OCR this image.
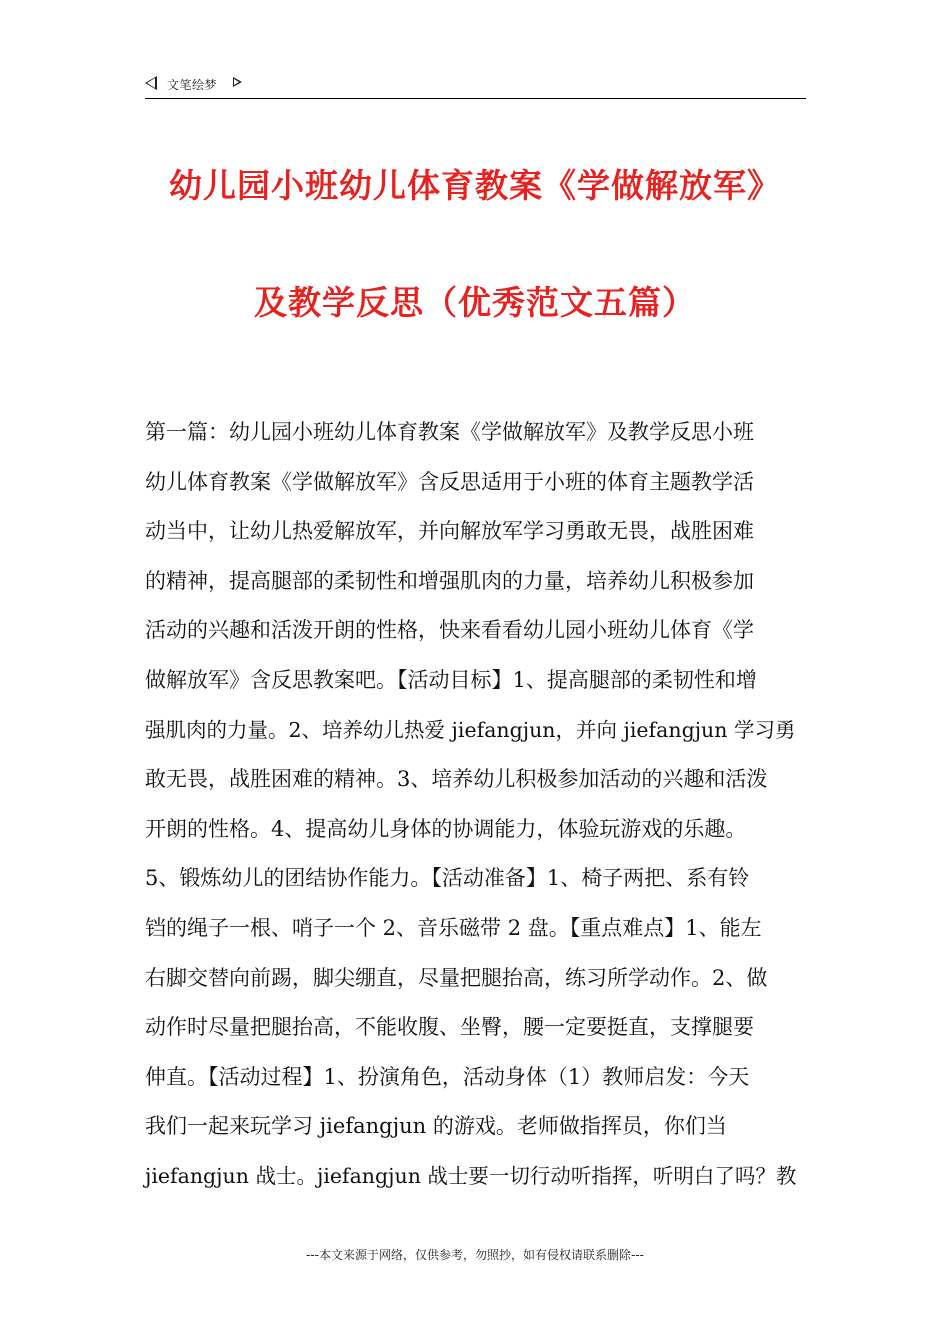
文笔绘梦
幼儿园小班幼儿体育教案《学做解放军》
及教学反思（优秀范文五篇）
第一篇：幼儿园小班幼儿体育教案《学做解放军》及教学反思小班
幼儿体育教案《学做解放军》含反思适用于小班的体育主题教学活
动当中，让幼儿热爱解放军，并向解放军学习勇敢无畏，战胜困难
的精神，提高腿部的柔韧性和增强肌肉的力量，培养幼儿积极参加
活动的兴趣和活泼开朗的性格，快来看看幼儿园小班幼儿体育《学
做解放军》含反思教案吧。【活动目标】1、提高腿部的柔韧性和增
强肌肉的力量。2、培养幼儿热爱 jiefangjun，并向 jiefangjun 学习勇
敢无畏，战胜困难的精神。3、培养幼儿积极参加活动的兴趣和活泼
开朗的性格。4、提高幼儿身体的协调能力，体验玩游戏的乐趣。
5、锻炼幼儿的团结协作能力。【活动准备】1、椅子两把、系有铃
铛的绳子一根、哨子一个 2、音乐磁带 2 盘。【重点难点】1、能左
右脚交替向前踢，脚尖绷直，尽量把腿抬高，练习所学动作。2、做
动作时尽量把腿抬高，不能收腹、坐臀，腰一定要挺直，支撑腿要
伸直。【活动过程】1、扮演角色，活动身体（1）教师启发：今天
我们一起来玩学习 jiefangjun 的游戏。老师做指挥员，你们当
jiefangjun 战士。jiefangjun 战士要一切行动听指挥，听明白了吗？教
---本文来源于网络，仅供参考，勿照抄，如有侵权请联系删除---
